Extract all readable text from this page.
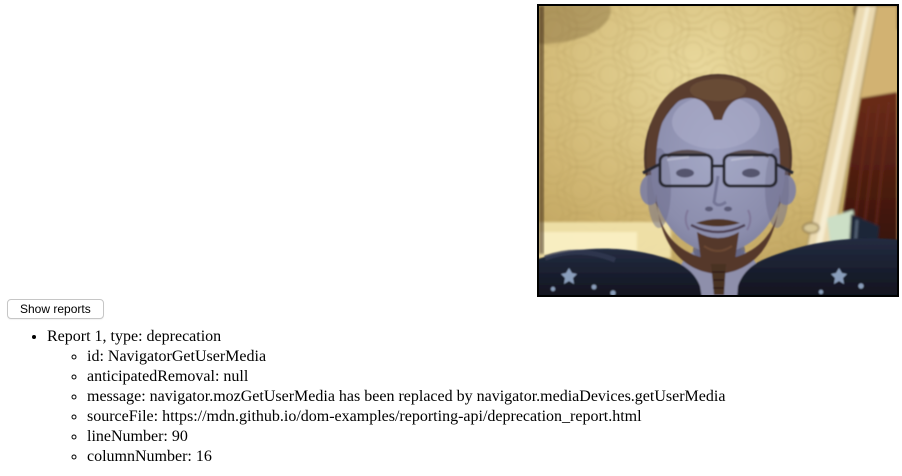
Show reports
• Report 1, type: deprecation
◦ id: NavigatorGetUserMedia
◦ anticipatedRemoval: null
◦ message: navigator.mozGetUserMedia has been replaced by navigator.mediaDevices.getUserMedia
◦ sourceFile: https://mdn.github.io/dom-examples/reporting-api/deprecation_report.html
◦ lineNumber: 90
◦ columnNumber: 16
